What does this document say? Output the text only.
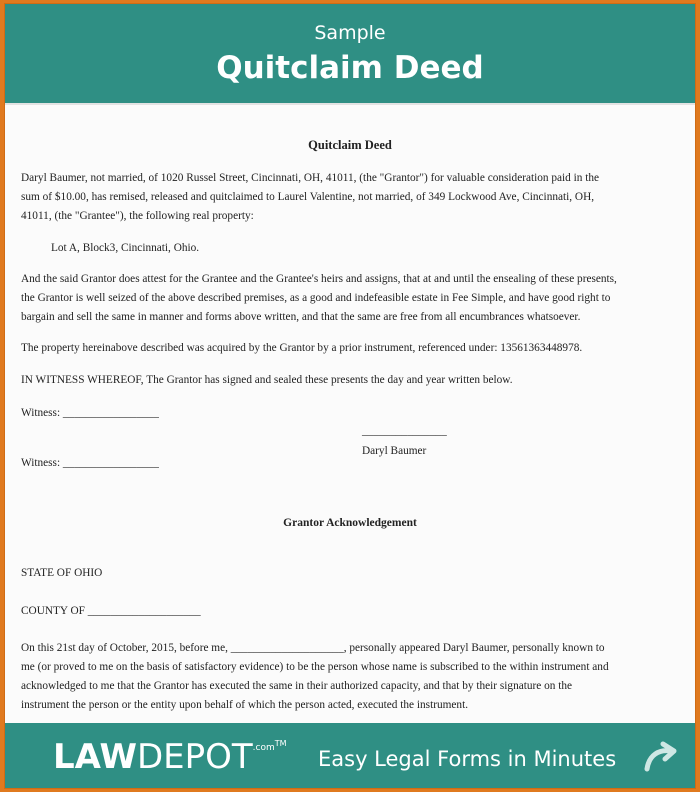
Sample
Quitclaim Deed
Quitclaim Deed
Daryl Baumer, not married, of 1020 Russel Street, Cincinnati, OH, 41011, (the "Grantor") for valuable consideration paid in the
sum of $10.00, has remised, released and quitclaimed to Laurel Valentine, not married, of 349 Lockwood Ave, Cincinnati, OH,
41011, (the "Grantee"), the following real property:
Lot A, Block3, Cincinnati, Ohio.
And the said Grantor does attest for the Grantee and the Grantee's heirs and assigns, that at and until the ensealing of these presents,
the Grantor is well seized of the above described premises, as a good and indefeasible estate in Fee Simple, and have good right to
bargain and sell the same in manner and forms above written, and that the same are free from all encumbrances whatsoever.
The property hereinabove described was acquired by the Grantor by a prior instrument, referenced under: 13561363448978.
IN WITNESS WHEREOF, The Grantor has signed and sealed these presents the day and year written below.
Witness: _________________
_______________
Daryl Baumer
Witness: _________________
Grantor Acknowledgement
STATE OF OHIO
COUNTY OF ____________________
On this 21st day of October, 2015, before me, ____________________, personally appeared Daryl Baumer, personally known to
me (or proved to me on the basis of satisfactory evidence) to be the person whose name is subscribed to the within instrument and
acknowledged to me that the Grantor has executed the same in their authorized capacity, and that by their signature on the
instrument the person or the entity upon behalf of which the person acted, executed the instrument.
$LAWDEPOT^{.comTM}$
Easy Legal Forms in Minutes
